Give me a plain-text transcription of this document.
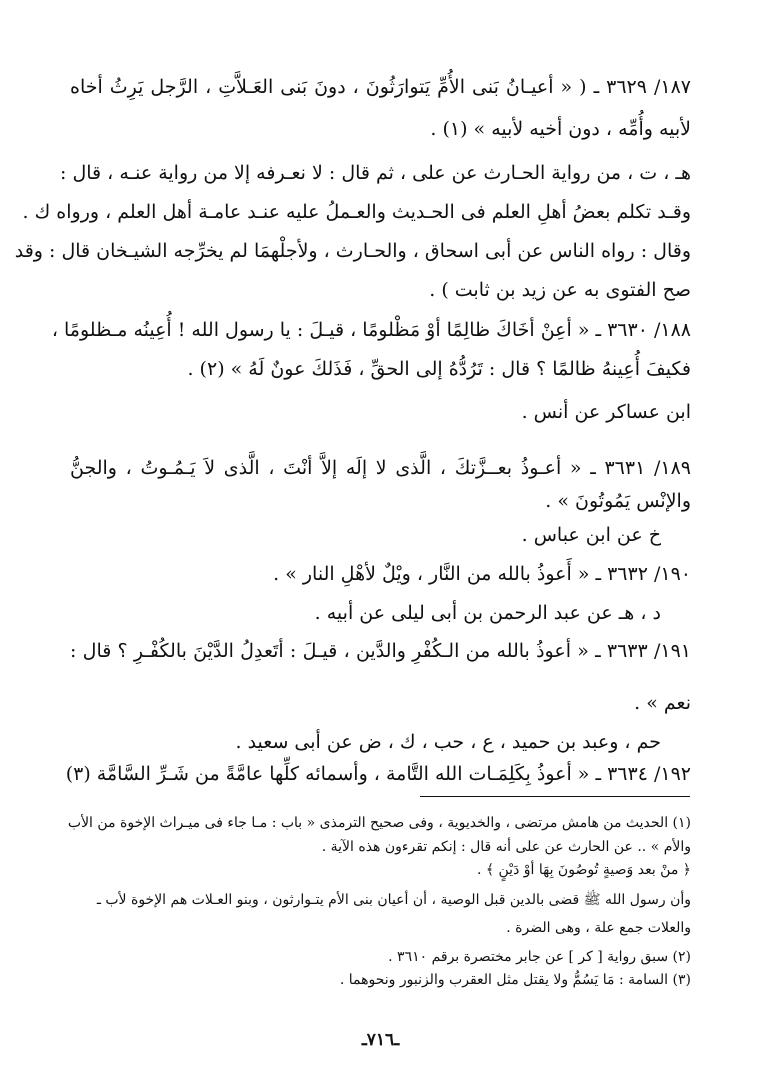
١٨٧/ ٣٦٢٩ ـ ( « أعيـانُ بَنى الأُمِّ يَتوارَثُونَ ، دونَ بَنى العَـلاَّتِ ، الرَّجل يَرِثُ أخاه
لأبيه وأُمِّه ، دون أخيه لأبيه » (١) .
هـ ، ت ، من رواية الحـارث عن على ، ثم قال : لا نعـرفه إلا من رواية عنـه ، قال :
وقـد تكلم بعضُ أهلِ العلم فى الحـديث والعـملُ عليه عنـد عامـة أهل العلم ، ورواه ك .
وقال : رواه الناس عن أبى اسحاق ، والحـارث ، ولأجلْهمَا لم يخرِّجه الشيـخان قال : وقد
صح الفتوى به عن زيد بن ثابت ) .
١٨٨/ ٣٦٣٠ ـ « أعِنْ أخَاكَ ظالِمًا أوْ مَظْلومًا ، قيـلَ : يا رسول الله ! أُعِينُه مـظلومًا ،
فكيفَ أُعِينهُ ظالمًا ؟ قال : تَرُدُّهُ إلى الحقِّ ، فَذَلكَ عونٌ لَهُ » (٢) .
ابن عساكر عن أنس .
١٨٩/ ٣٦٣١ ـ « أعـوذُ بعــزَّتكَ ، الَّذى لا إلَه إلاَّ أنْتَ ، الَّذى لاَ يَـمُـوتُ ، والجنُّ
والإنْس يَمُوتُونَ » .
خ عن ابن عباس .
١٩٠/ ٣٦٣٢ ـ « أَعوذُ بالله من النَّار ، ويْلٌ لأهْلِ النار » .
د ، هـ عن عبد الرحمن بن أبى ليلى عن أبيه .
١٩١/ ٣٦٣٣ ـ « أعوذُ بالله من الـكُفْرِ والدَّين ، قيـلَ : أتَعدِلُ الدَّيْنَ بالكُفْـرِ ؟ قال :
نعم » .
حم ، وعبد بن حميد ، ع ، حب ، ك ، ض عن أبى سعيد .
١٩٢/ ٣٦٣٤ ـ « أعوذُ بِكَلِمَـات الله التَّامة ، وأسمائه كلِّها عامَّةً من شَـرِّ السَّامَّة (٣)
(١) الحديث من هامش مرتضى ، والخديوية ، وفى صحيح الترمذى « باب : مـا جاء فى ميـراث الإخوة من الأب
والأم » .. عن الحارث عن على أنه قال : إنكم تقرءون هذه الآية .
﴿ منْ بعد وَصيةٍ تُوصُونَ بِهَا أوْ دَيْنٍ ﴾ .
وأن رسول الله ﷺ قضى بالدين قبل الوصية ، أن أعيان بنى الأم يتـوارثون ، وبنو العـلات هم الإخوة لأب ـ
والعلات جمع علة ، وهى الضرة .
(٢) سبق رواية [ كر ] عن جابر مختصرة برقم ٣٦١٠ .
(٣) السامة : مَا يَسُمُّ ولا يقتل مثل العقرب والزنبور ونحوهما .
ـ٧١٦ـ
